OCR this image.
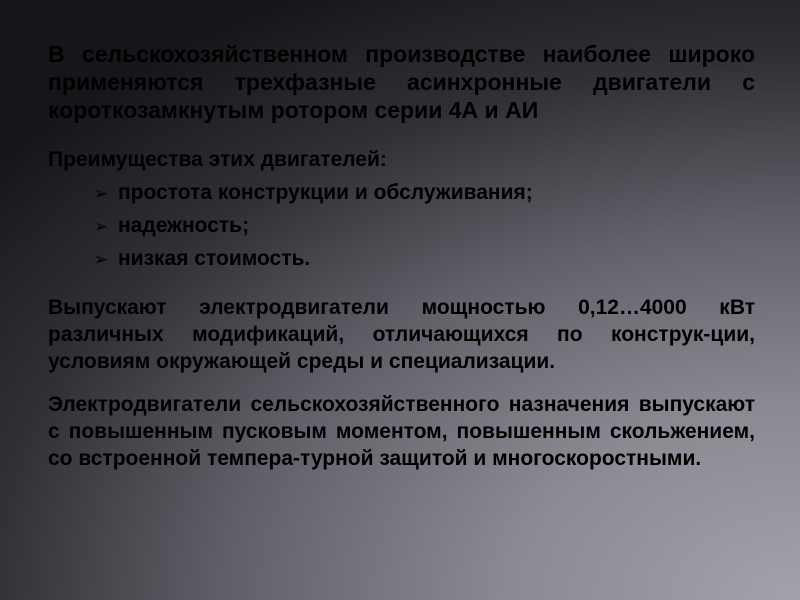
В сельскохозяйственном производстве наиболее широко применяются трехфазные асинхронные двигатели с короткозамкнутым ротором серии 4А и АИ

Преимущества этих двигателей:

➢ простота конструкции и обслуживания;
➢ надежность;
➢ низкая стоимость.

Выпускают электродвигатели мощностью 0,12…4000 кВт различных модификаций, отличающихся по конструк-ции, условиям окружающей среды и специализации.

Электродвигатели сельскохозяйственного назначения выпускают с повышенным пусковым моментом, повышенным скольжением, со встроенной темпера-турной защитой и многоскоростными.
